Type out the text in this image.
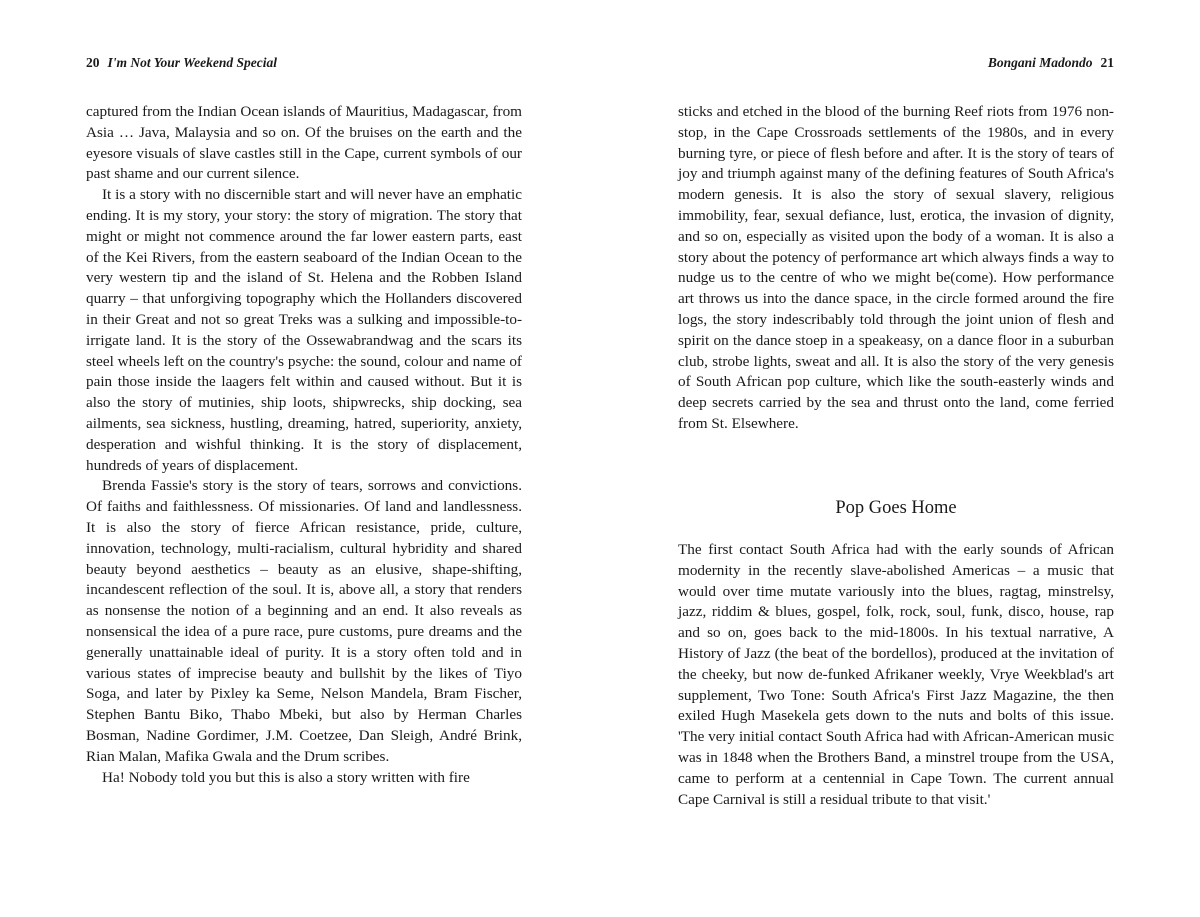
20 I'm Not Your Weekend Special

captured from the Indian Ocean islands of Mauritius, Madagascar, from Asia … Java, Malaysia and so on. Of the bruises on the earth and the eyesore visuals of slave castles still in the Cape, current symbols of our past shame and our current silence.

It is a story with no discernible start and will never have an emphatic ending. It is my story, your story: the story of migration. The story that might or might not commence around the far lower eastern parts, east of the Kei Rivers, from the eastern seaboard of the Indian Ocean to the very western tip and the island of St. Helena and the Robben Island quarry – that unforgiving topography which the Hollanders discovered in their Great and not so great Treks was a sulking and impossible-to-irrigate land. It is the story of the Ossewabrandwag and the scars its steel wheels left on the country's psyche: the sound, colour and name of pain those inside the laagers felt within and caused without. But it is also the story of mutinies, ship loots, shipwrecks, ship docking, sea ailments, sea sickness, hustling, dreaming, hatred, superiority, anxiety, desperation and wishful thinking. It is the story of displacement, hundreds of years of displacement.

Brenda Fassie's story is the story of tears, sorrows and convictions. Of faiths and faithlessness. Of missionaries. Of land and landlessness. It is also the story of fierce African resistance, pride, culture, innovation, technology, multi-racialism, cultural hybridity and shared beauty beyond aesthetics – beauty as an elusive, shape-shifting, incandescent reflection of the soul. It is, above all, a story that renders as nonsense the notion of a beginning and an end. It also reveals as nonsensical the idea of a pure race, pure customs, pure dreams and the generally unattainable ideal of purity. It is a story often told and in various states of imprecise beauty and bullshit by the likes of Tiyo Soga, and later by Pixley ka Seme, Nelson Mandela, Bram Fischer, Stephen Bantu Biko, Thabo Mbeki, but also by Herman Charles Bosman, Nadine Gordimer, J.M. Coetzee, Dan Sleigh, André Brink, Rian Malan, Mafika Gwala and the Drum scribes.

Ha! Nobody told you but this is also a story written with fire

Bongani Madondo 21

sticks and etched in the blood of the burning Reef riots from 1976 non-stop, in the Cape Crossroads settlements of the 1980s, and in every burning tyre, or piece of flesh before and after. It is the story of tears of joy and triumph against many of the defining features of South Africa's modern genesis. It is also the story of sexual slavery, religious immobility, fear, sexual defiance, lust, erotica, the invasion of dignity, and so on, especially as visited upon the body of a woman. It is also a story about the potency of performance art which always finds a way to nudge us to the centre of who we might be(come). How performance art throws us into the dance space, in the circle formed around the fire logs, the story indescribably told through the joint union of flesh and spirit on the dance stoep in a speakeasy, on a dance floor in a suburban club, strobe lights, sweat and all. It is also the story of the very genesis of South African pop culture, which like the south-easterly winds and deep secrets carried by the sea and thrust onto the land, come ferried from St. Elsewhere.

Pop Goes Home

The first contact South Africa had with the early sounds of African modernity in the recently slave-abolished Americas – a music that would over time mutate variously into the blues, ragtag, minstrelsy, jazz, riddim & blues, gospel, folk, rock, soul, funk, disco, house, rap and so on, goes back to the mid-1800s. In his textual narrative, A History of Jazz (the beat of the bordellos), produced at the invitation of the cheeky, but now de-funked Afrikaner weekly, Vrye Weekblad's art supplement, Two Tone: South Africa's First Jazz Magazine, the then exiled Hugh Masekela gets down to the nuts and bolts of this issue. 'The very initial contact South Africa had with African-American music was in 1848 when the Brothers Band, a minstrel troupe from the USA, came to perform at a centennial in Cape Town. The current annual Cape Carnival is still a residual tribute to that visit.'
